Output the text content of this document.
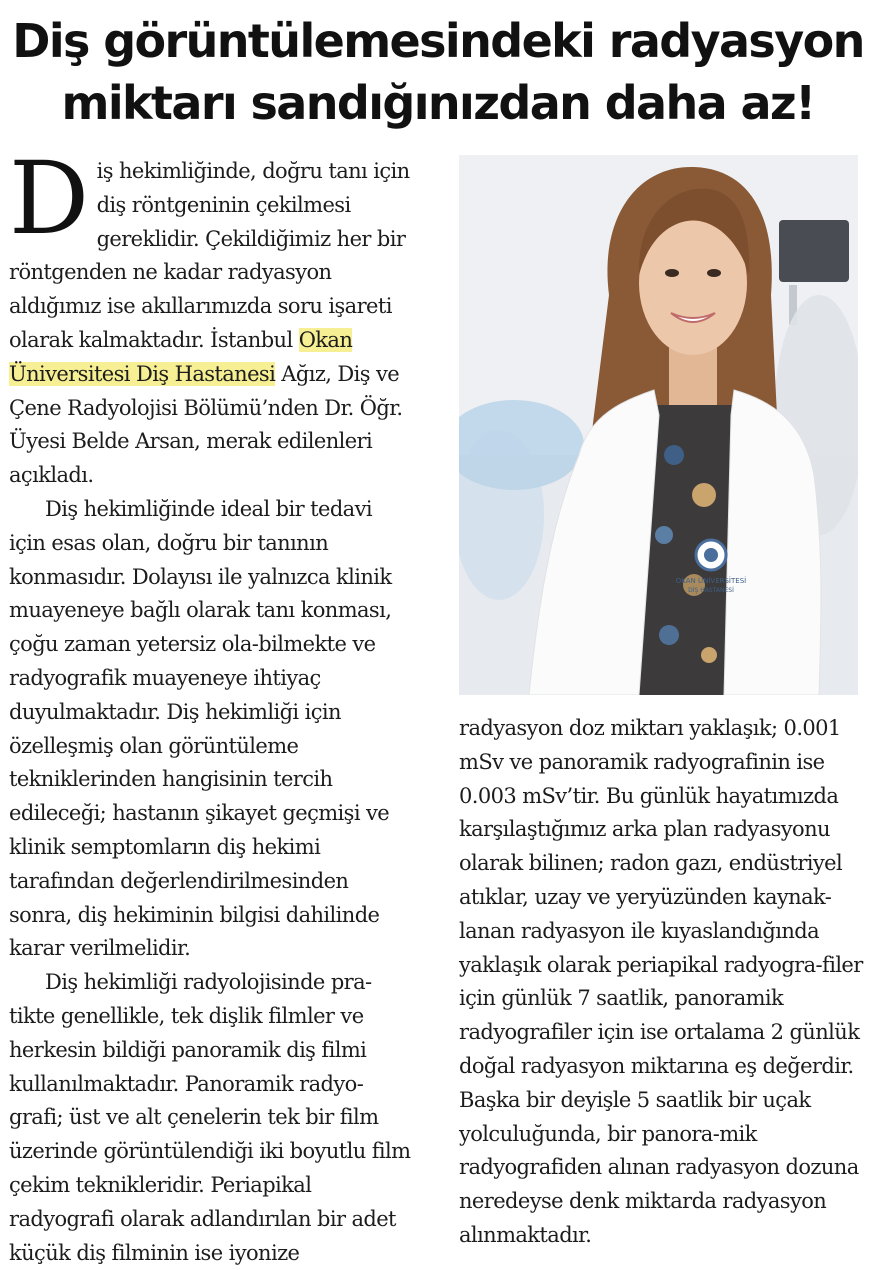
Diş görüntülemesindeki radyasyon
miktarı sandığınızdan daha az!

Diş hekimliğinde, doğru tanı için diş röntgeninin çekilmesi gereklidir. Çekildiğimiz her bir röntgenden ne kadar radyasyon aldığımız ise akıllarımızda soru işareti olarak kalmaktadır. İstanbul Okan Üniversitesi Diş Hastanesi Ağız, Diş ve Çene Radyolojisi Bölümü’nden Dr. Öğr. Üyesi Belde Arsan, merak edilenleri açıkladı.

Diş hekimliğinde ideal bir tedavi için esas olan, doğru bir tanının konmasıdır. Dolayısı ile yalnızca klinik muayeneye bağlı olarak tanı konması, çoğu zaman yetersiz ola-bilmekte ve radyografik muayeneye ihtiyaç duyulmaktadır. Diş hekimliği için özelleşmiş olan görüntüleme tekniklerinden hangisinin tercih edileceği; hastanın şikayet geçmişi ve klinik semptomların diş hekimi tarafından değerlendirilmesinden sonra, diş hekiminin bilgisi dahilinde karar verilmelidir.

Diş hekimliği radyolojisinde pra-tikte genellikle, tek dişlik filmler ve herkesin bildiği panoramik diş filmi kullanılmaktadır. Panoramik radyo-grafi; üst ve alt çenelerin tek bir film üzerinde görüntülendiği iki boyutlu film çekim teknikleridir. Periapikal radyografi olarak adlandırılan bir adet küçük diş filminin ise iyonize

OKAN ÜNİVERSİTESİ
DİŞ HASTANESİ

radyasyon doz miktarı yaklaşık; 0.001 mSv ve panoramik radyografinin ise 0.003 mSv’tir. Bu günlük hayatımızda karşılaştığımız arka plan radyasyonu olarak bilinen; radon gazı, endüstriyel atıklar, uzay ve yeryüzünden kaynak-lanan radyasyon ile kıyaslandığında yaklaşık olarak periapikal radyogra-filer için günlük 7 saatlik, panoramik radyografiler için ise ortalama 2 günlük doğal radyasyon miktarına eş değerdir. Başka bir deyişle 5 saatlik bir uçak yolculuğunda, bir panora-mik radyografiden alınan radyasyon dozuna neredeyse denk miktarda radyasyon alınmaktadır.
